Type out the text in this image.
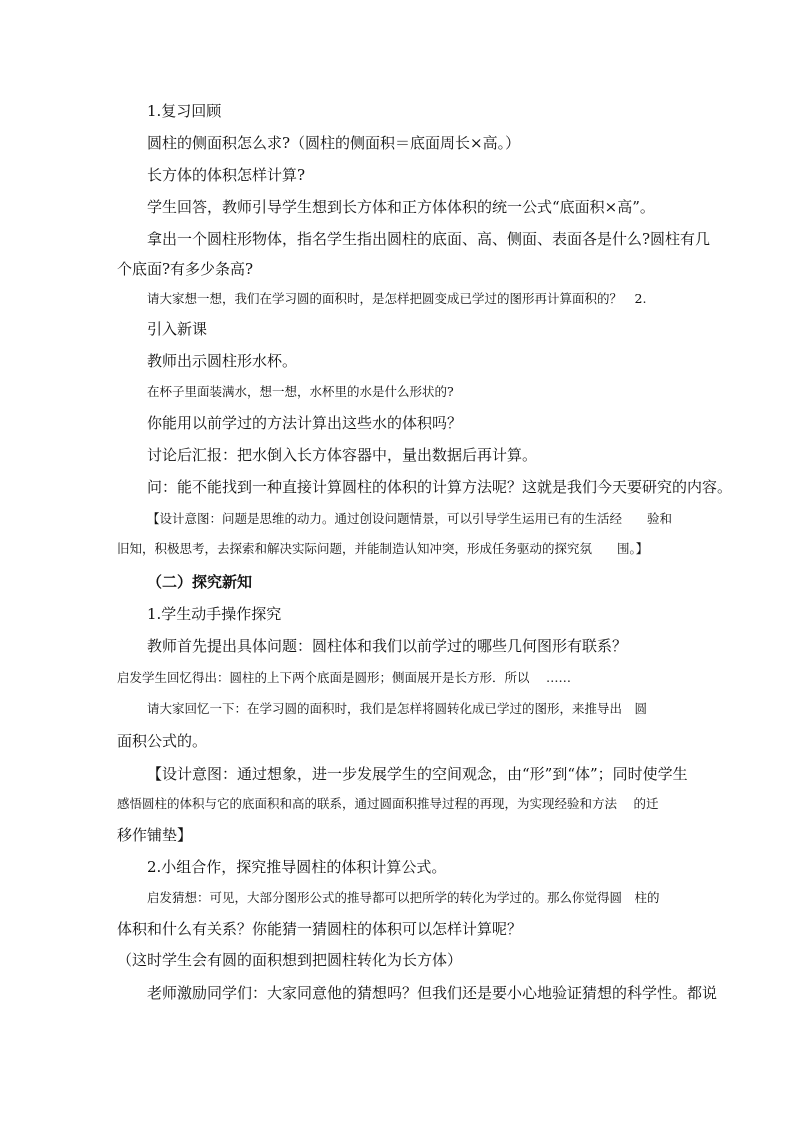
1.复习回顾
圆柱的侧面积怎么求?（圆柱的侧面积＝底面周长×高。）
长方体的体积怎样计算?
学生回答，教师引导学生想到长方体和正方体体积的统一公式“底面积×高”。
拿出一个圆柱形物体，指名学生指出圆柱的底面、高、侧面、表面各是什么?圆柱有几
个底面?有多少条高?
请大家想一想，我们在学习圆的面积时，是怎样把圆变成已学过的图形再计算面积的？　2.
引入新课
教师出示圆柱形水杯。
在杯子里面装满水，想一想，水杯里的水是什么形状的?
你能用以前学过的方法计算出这些水的体积吗？
讨论后汇报：把水倒入长方体容器中，量出数据后再计算。
问：能不能找到一种直接计算圆柱的体积的计算方法呢？这就是我们今天要研究的内容。
【设计意图：问题是思维的动力。通过创设问题情景，可以引导学生运用已有的生活经　　验和
旧知，积极思考，去探索和解决实际问题，并能制造认知冲突，形成任务驱动的探究氛　　围。】
（二）探究新知
1.学生动手操作探究
教师首先提出具体问题：圆柱体和我们以前学过的哪些几何图形有联系？
启发学生回忆得出：圆柱的上下两个底面是圆形；侧面展开是长方形．所以　 ……
请大家回忆一下：在学习圆的面积时，我们是怎样将圆转化成已学过的图形，来推导出　圆
面积公式的。
【设计意图：通过想象，进一步发展学生的空间观念，由“形”到“体”；同时使学生
感悟圆柱的体积与它的底面积和高的联系，通过圆面积推导过程的再现，为实现经验和方法　 的迁
移作铺垫】
2.小组合作，探究推导圆柱的体积计算公式。
启发猜想：可见，大部分图形公式的推导都可以把所学的转化为学过的。那么你觉得圆　柱的
体积和什么有关系？你能猜一猜圆柱的体积可以怎样计算呢？
（这时学生会有圆的面积想到把圆柱转化为长方体）
老师激励同学们：大家同意他的猜想吗？但我们还是要小心地验证猜想的科学性。都说
